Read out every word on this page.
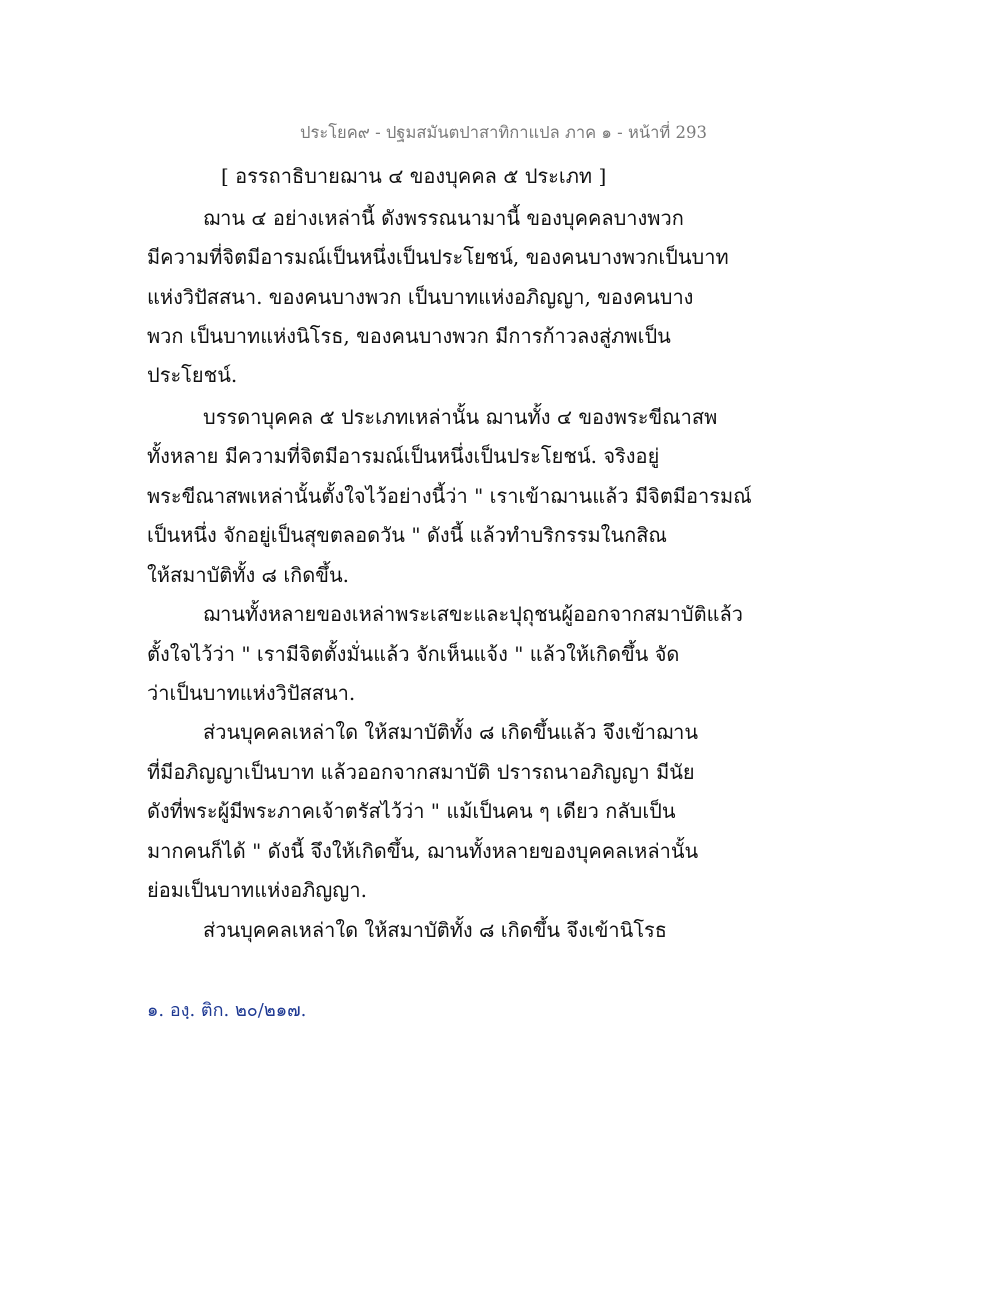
ประโยค๙ - ปฐมสมันตปาสาทิกาแปล ภาค ๑ - หน้าที่ 293
[ อรรถาธิบายฌาน ๔ ของบุคคล ๕ ประเภท ]
ฌาน ๔ อย่างเหล่านี้ ดังพรรณนามานี้ ของบุคคลบางพวก
มีความที่จิตมีอารมณ์เป็นหนึ่งเป็นประโยชน์, ของคนบางพวกเป็นบาท
แห่งวิปัสสนา. ของคนบางพวก เป็นบาทแห่งอภิญญา, ของคนบาง
พวก เป็นบาทแห่งนิโรธ, ของคนบางพวก มีการก้าวลงสู่ภพเป็น
ประโยชน์.
บรรดาบุคคล ๕ ประเภทเหล่านั้น ฌานทั้ง ๔ ของพระขีณาสพ
ทั้งหลาย มีความที่จิตมีอารมณ์เป็นหนึ่งเป็นประโยชน์. จริงอยู่
พระขีณาสพเหล่านั้นตั้งใจไว้อย่างนี้ว่า " เราเข้าฌานแล้ว มีจิตมีอารมณ์
เป็นหนึ่ง จักอยู่เป็นสุขตลอดวัน " ดังนี้ แล้วทำบริกรรมในกสิณ
ให้สมาบัติทั้ง ๘ เกิดขึ้น.
ฌานทั้งหลายของเหล่าพระเสขะและปุถุชนผู้ออกจากสมาบัติแล้ว
ตั้งใจไว้ว่า " เรามีจิตตั้งมั่นแล้ว จักเห็นแจ้ง " แล้วให้เกิดขึ้น จัด
ว่าเป็นบาทแห่งวิปัสสนา.
ส่วนบุคคลเหล่าใด ให้สมาบัติทั้ง ๘ เกิดขึ้นแล้ว จึงเข้าฌาน
ที่มีอภิญญาเป็นบาท แล้วออกจากสมาบัติ ปรารถนาอภิญญา มีนัย
ดังที่พระผู้มีพระภาคเจ้าตรัสไว้ว่า " แม้เป็นคน ๆ เดียว กลับเป็น
มากคนก็ได้ " ดังนี้ จึงให้เกิดขึ้น, ฌานทั้งหลายของบุคคลเหล่านั้น
ย่อมเป็นบาทแห่งอภิญญา.
ส่วนบุคคลเหล่าใด ให้สมาบัติทั้ง ๘ เกิดขึ้น จึงเข้านิโรธ
๑. องฺ. ติก. ๒๐/๒๑๗.
